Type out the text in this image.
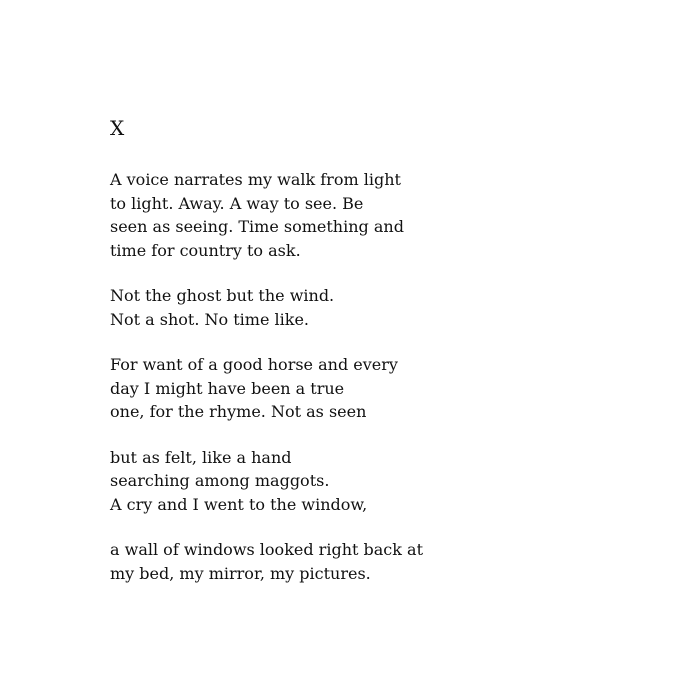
X
A voice narrates my walk from light
to light. Away. A way to see. Be
seen as seeing. Time something and
time for country to ask.
Not the ghost but the wind.
Not a shot. No time like.
For want of a good horse and every
day I might have been a true
one, for the rhyme. Not as seen
but as felt, like a hand
searching among maggots.
A cry and I went to the window,
a wall of windows looked right back at
my bed, my mirror, my pictures.
